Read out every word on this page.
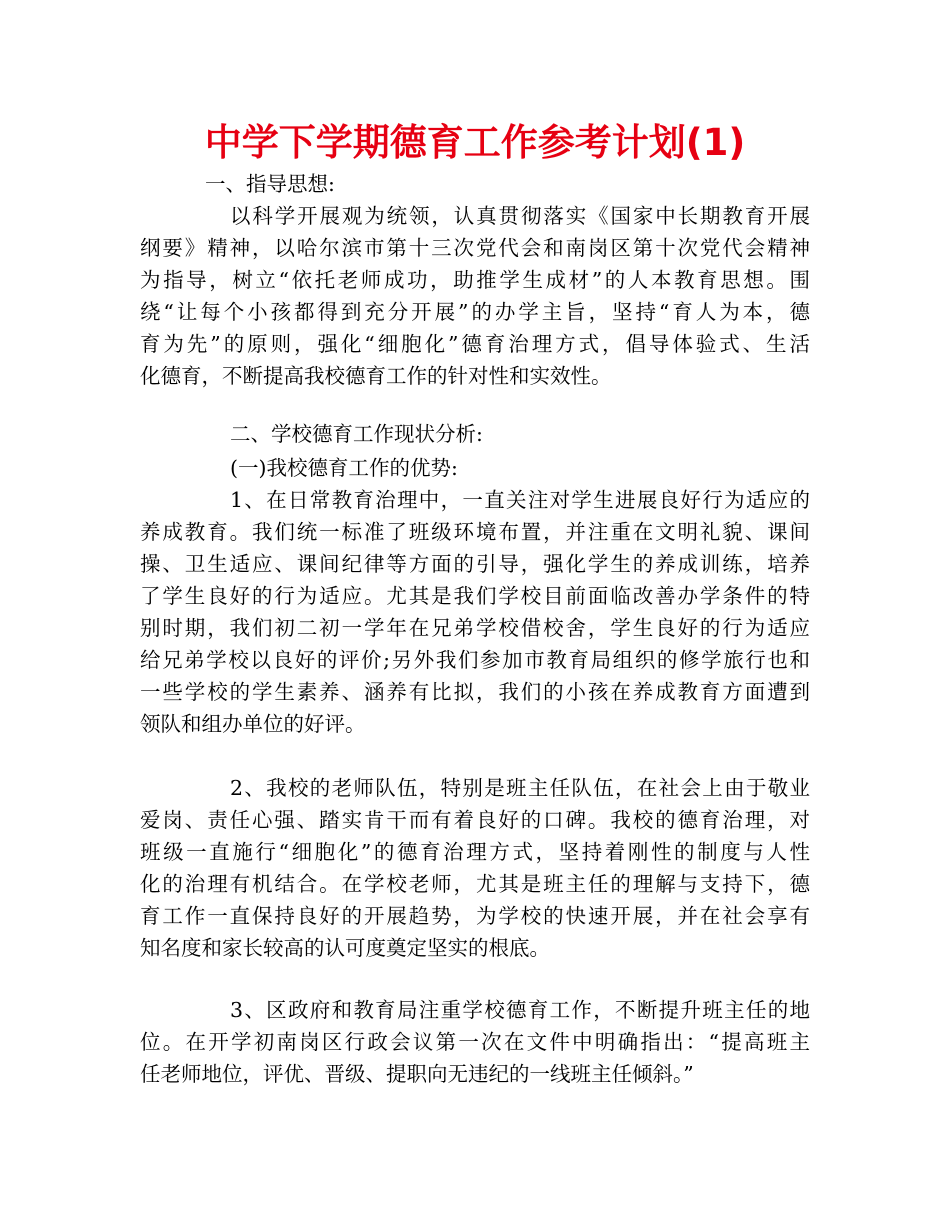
中学下学期德育工作参考计划(1)
一、指导思想:
以科学开展观为统领，认真贯彻落实《国家中长期教育开展
纲要》精神，以哈尔滨市第十三次党代会和南岗区第十次党代会精神
为指导，树立“依托老师成功，助推学生成材”的人本教育思想。围
绕“让每个小孩都得到充分开展”的办学主旨，坚持“育人为本，德
育为先”的原则，强化“细胞化”德育治理方式，倡导体验式、生活
化德育，不断提高我校德育工作的针对性和实效性。
二、学校德育工作现状分析:
(一)我校德育工作的优势:
1、在日常教育治理中，一直关注对学生进展良好行为适应的
养成教育。我们统一标准了班级环境布置，并注重在文明礼貌、课间
操、卫生适应、课间纪律等方面的引导，强化学生的养成训练，培养
了学生良好的行为适应。尤其是我们学校目前面临改善办学条件的特
别时期，我们初二初一学年在兄弟学校借校舍，学生良好的行为适应
给兄弟学校以良好的评价;另外我们参加市教育局组织的修学旅行也和
一些学校的学生素养、涵养有比拟，我们的小孩在养成教育方面遭到
领队和组办单位的好评。
2、我校的老师队伍，特别是班主任队伍，在社会上由于敬业
爱岗、责任心强、踏实肯干而有着良好的口碑。我校的德育治理，对
班级一直施行“细胞化”的德育治理方式，坚持着刚性的制度与人性
化的治理有机结合。在学校老师，尤其是班主任的理解与支持下，德
育工作一直保持良好的开展趋势，为学校的快速开展，并在社会享有
知名度和家长较高的认可度奠定坚实的根底。
3、区政府和教育局注重学校德育工作，不断提升班主任的地
位。在开学初南岗区行政会议第一次在文件中明确指出：“提高班主
任老师地位，评优、晋级、提职向无违纪的一线班主任倾斜。”
